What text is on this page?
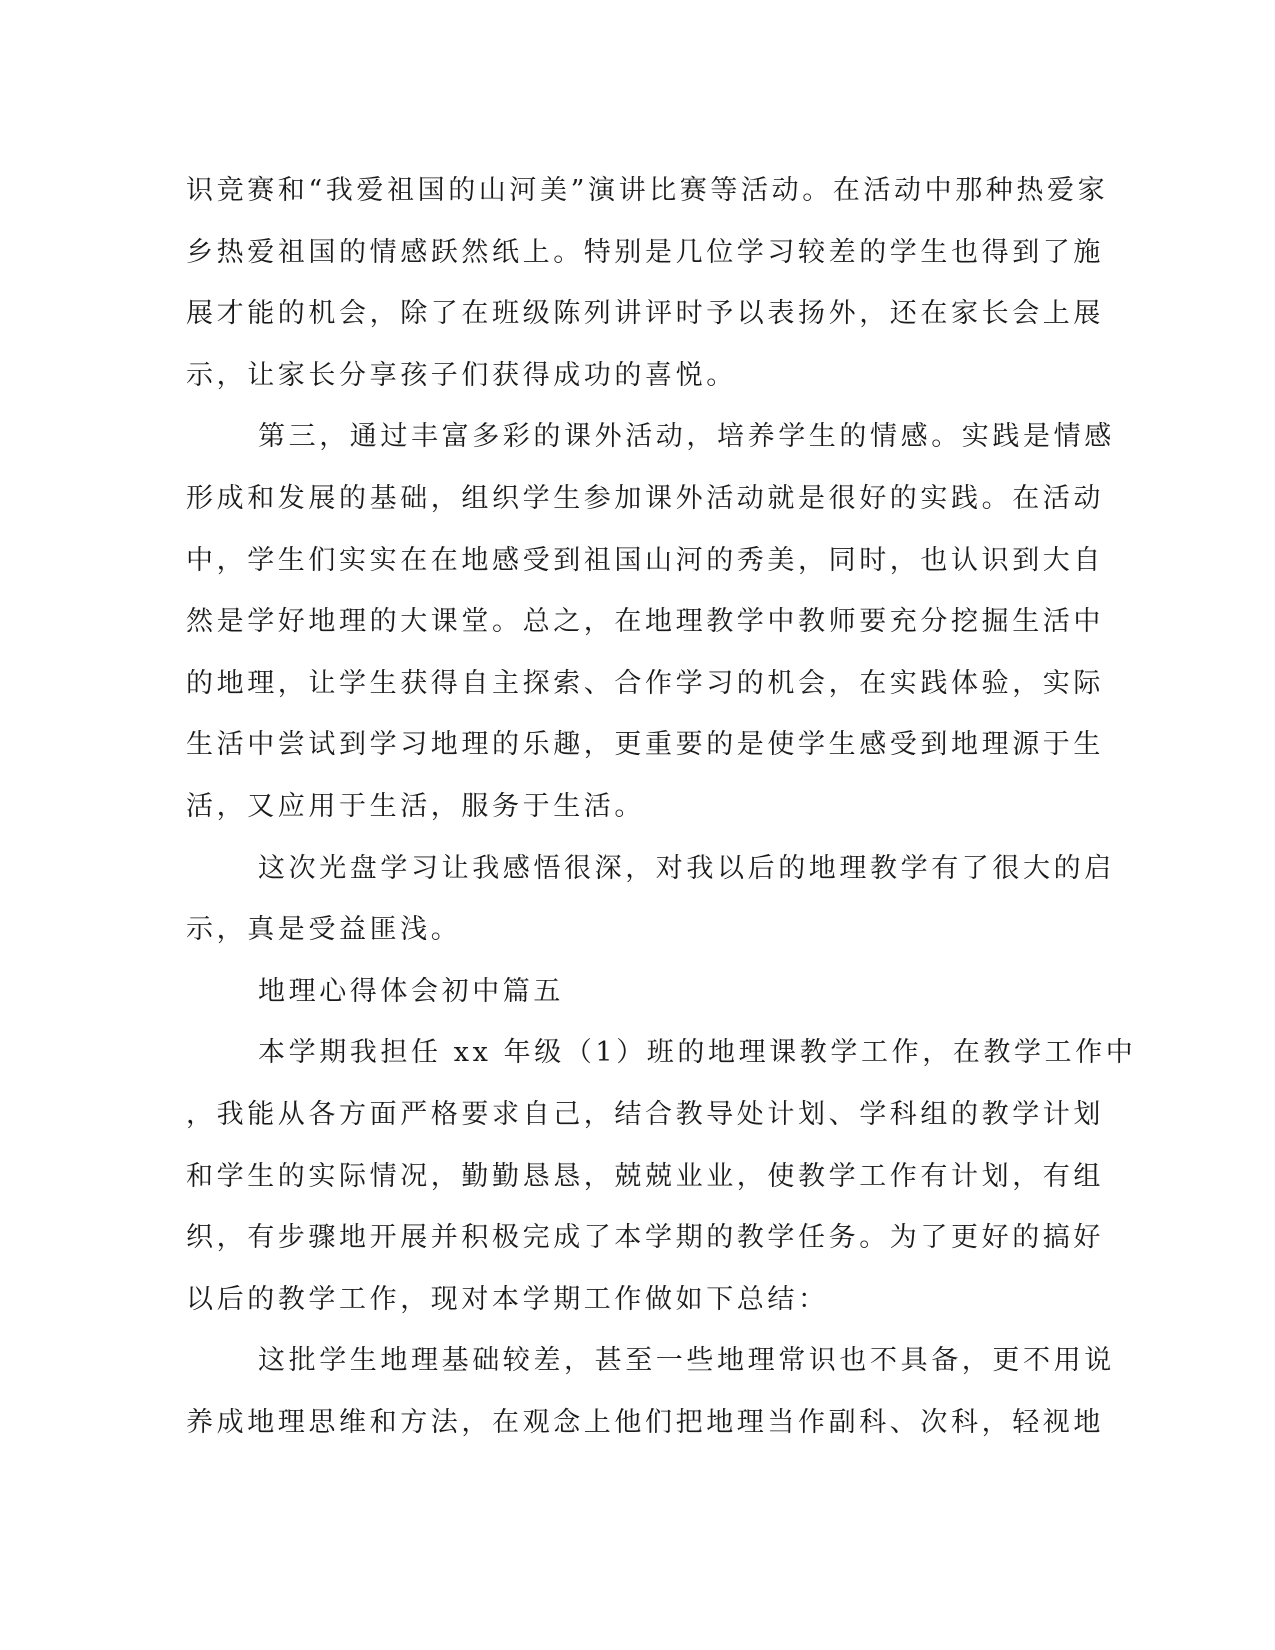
识竞赛和“我爱祖国的山河美”演讲比赛等活动。在活动中那种热爱家
乡热爱祖国的情感跃然纸上。特别是几位学习较差的学生也得到了施
展才能的机会，除了在班级陈列讲评时予以表扬外，还在家长会上展
示，让家长分享孩子们获得成功的喜悦。
第三，通过丰富多彩的课外活动，培养学生的情感。实践是情感
形成和发展的基础，组织学生参加课外活动就是很好的实践。在活动
中，学生们实实在在地感受到祖国山河的秀美，同时，也认识到大自
然是学好地理的大课堂。总之，在地理教学中教师要充分挖掘生活中
的地理，让学生获得自主探索、合作学习的机会，在实践体验，实际
生活中尝试到学习地理的乐趣，更重要的是使学生感受到地理源于生
活，又应用于生活，服务于生活。
这次光盘学习让我感悟很深，对我以后的地理教学有了很大的启
示，真是受益匪浅。
地理心得体会初中篇五
本学期我担任 xx 年级（1）班的地理课教学工作，在教学工作中
，我能从各方面严格要求自己，结合教导处计划、学科组的教学计划
和学生的实际情况，勤勤恳恳，兢兢业业，使教学工作有计划，有组
织，有步骤地开展并积极完成了本学期的教学任务。为了更好的搞好
以后的教学工作，现对本学期工作做如下总结：
这批学生地理基础较差，甚至一些地理常识也不具备，更不用说
养成地理思维和方法，在观念上他们把地理当作副科、次科，轻视地
